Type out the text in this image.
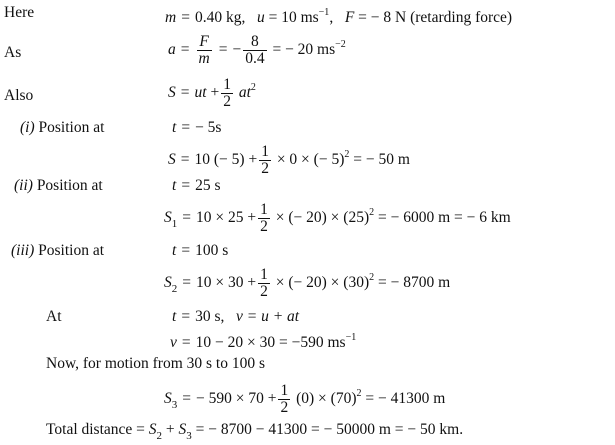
Here	m = 0.40 kg, u = 10 $ms^{-1}$, F = − 8 N (retarding force)
As	$a = \frac{F}{m}$ = − $\frac{8}{0.4}$ = − 20 $ms^{-2}$
Also	S = ut + $\frac{1}{2} at^2$
(i) Position at	t = − 5s
S = 10 (− $5) + \frac{1}{2} \times 0$ × (− 5)$^2$ = − 50 m
(ii) Position at	t = 25 s
$S_1 = 10 \times 25 + \frac{1}{2}$ × (− $20) \times (25)^2$ = − 6000 m = − 6 km
(iii) Position at	t = 100 s
$S_2 = 10 \times 30 + \frac{1}{2}$ × (− $20) \times (30)^2$ = − 8700 m
At	t = 30 s, v = u + at
v = 10 − 20 × 30 = −590 $ms^{-1}$
Now, for motion from 30 s to 100 s
$S_3$ = − $590 \times 70 + \frac{1}{2} (0) \times (70)^2$ = − 41300 m
Total distance = $S_2 + S_3$ = − 8700 − 41300 = − 50000 m = − 50 km.
